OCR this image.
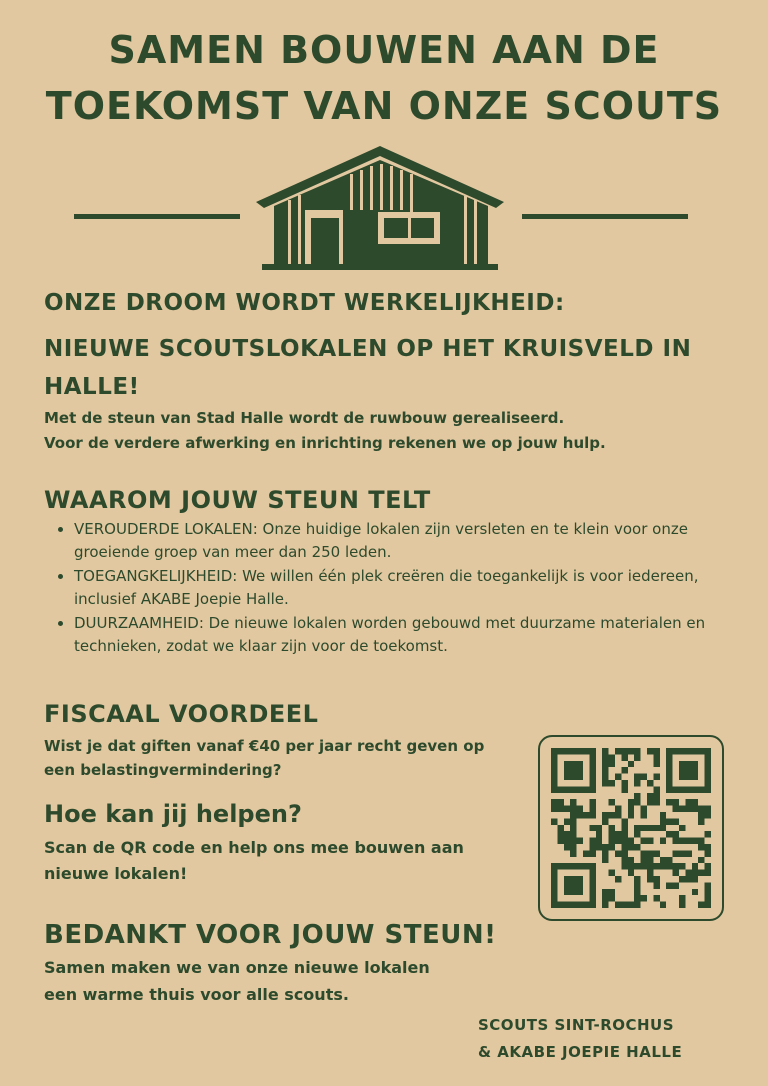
SAMEN BOUWEN AAN DE
TOEKOMST VAN ONZE SCOUTS
ONZE DROOM WORDT WERKELIJKHEID:
NIEUWE SCOUTSLOKALEN OP HET KRUISVELD IN
HALLE!
Met de steun van Stad Halle wordt de ruwbouw gerealiseerd.
Voor de verdere afwerking en inrichting rekenen we op jouw hulp.
WAAROM JOUW STEUN TELT
• VEROUDERDE LOKALEN: Onze huidige lokalen zijn versleten en te klein voor onze groeiende groep van meer dan 250 leden.
• TOEGANGKELIJKHEID: We willen één plek creëren die toegankelijk is voor iedereen, inclusief AKABE Joepie Halle.
• DUURZAAMHEID: De nieuwe lokalen worden gebouwd met duurzame materialen en technieken, zodat we klaar zijn voor de toekomst.
FISCAAL VOORDEEL
Wist je dat giften vanaf €40 per jaar recht geven op
een belastingvermindering?
Hoe kan jij helpen?
Scan de QR code en help ons mee bouwen aan
nieuwe lokalen!
BEDANKT VOOR JOUW STEUN!
Samen maken we van onze nieuwe lokalen
een warme thuis voor alle scouts.
SCOUTS SINT-ROCHUS
& AKABE JOEPIE HALLE
